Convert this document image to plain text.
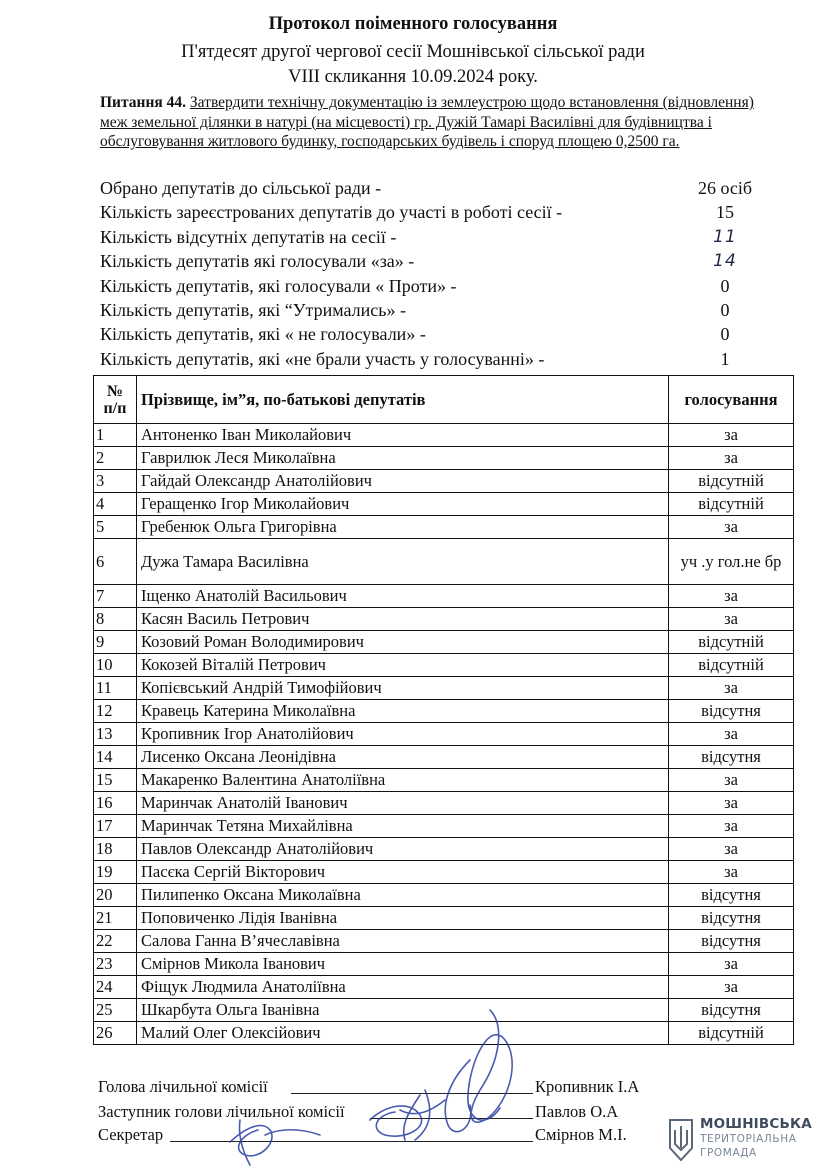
Протокол поіменного голосування
П'ятдесят другої чергової сесії Мошнівської сільської ради
VIII скликання 10.09.2024 року.
Питання 44. Затвердити технічну документацію із землеустрою щодо встановлення (відновлення) меж земельної ділянки в натурі (на місцевості) гр. Дужій Тамарі Василівні для будівництва і обслуговування житлового будинку, господарських будівель і споруд площею 0,2500 га.
Обрано депутатів до сільської ради -	26 осіб
Кількість зареєстрованих депутатів до участі в роботі сесії -	15
Кількість відсутніх депутатів на сесії -	11
Кількість депутатів які голосували «за» -	14
Кількість депутатів, які голосували « Проти» -	0
Кількість депутатів, які “Утримались» -	0
Кількість депутатів, які « не голосували» -	0
Кількість депутатів, які «не брали участь у голосуванні» -	1
№
п/п	Прізвище, ім”я, по-батькові депутатів	голосування
1	Антоненко Іван Миколайович	за
2	Гаврилюк Леся Миколаївна	за
3	Гайдай Олександр Анатолійович	відсутній
4	Геращенко Ігор Миколайович	відсутній
5	Гребенюк Ольга Григорівна	за
6	Дужа Тамара Василівна	уч .у гол.не бр
7	Іщенко Анатолій Васильович	за
8	Касян Василь Петрович	за
9	Козовий Роман Володимирович	відсутній
10	Кокозей Віталій Петрович	відсутній
11	Копієвський Андрій Тимофійович	за
12	Кравець Катерина Миколаївна	відсутня
13	Кропивник Ігор Анатолійович	за
14	Лисенко Оксана Леонідівна	відсутня
15	Макаренко Валентина Анатоліївна	за
16	Маринчак Анатолій Іванович	за
17	Маринчак Тетяна Михайлівна	за
18	Павлов Олександр Анатолійович	за
19	Пасєка Сергій Вікторович	за
20	Пилипенко Оксана Миколаївна	відсутня
21	Поповиченко Лідія Іванівна	відсутня
22	Салова Ганна В’ячеславівна	відсутня
23	Смірнов Микола Іванович	за
24	Фіщук Людмила Анатоліївна	за
25	Шкарбута Ольга Іванівна	відсутня
26	Малий Олег Олексійович	відсутній
Голова лічильної комісії	Кропивник І.А
Заступник голови лічильної комісії	Павлов О.А
Секретар	Смірнов М.І.
МОШНІВСЬКА
ТЕРИТОРІАЛЬНА
ГРОМАДА
